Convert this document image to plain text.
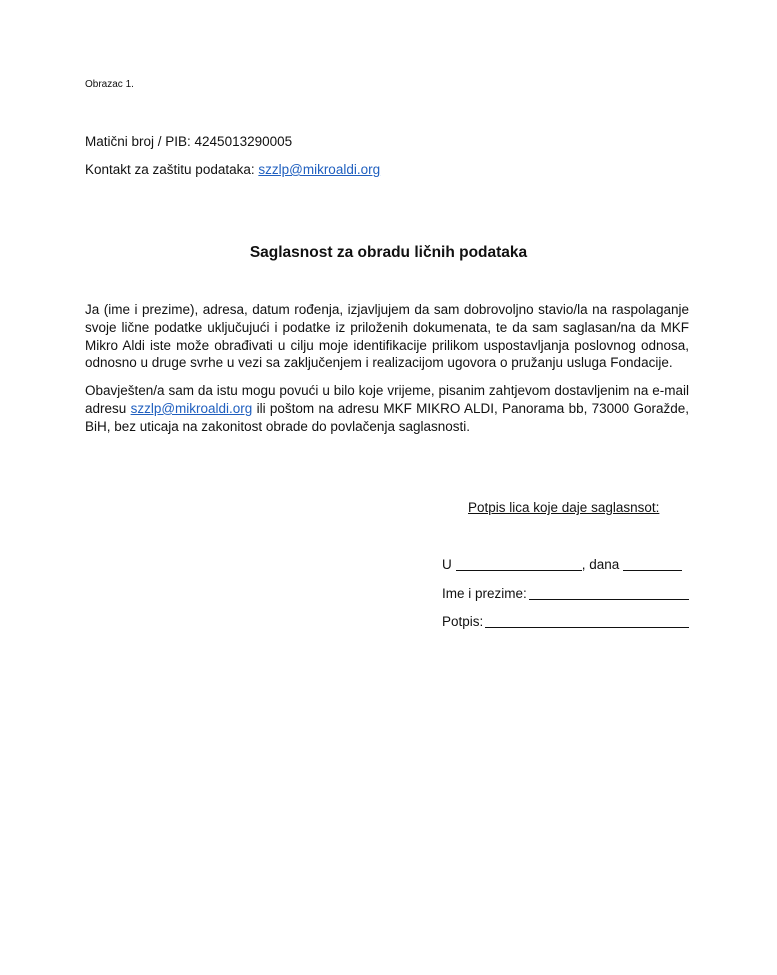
Obrazac 1.
Matični broj / PIB: 4245013290005
Kontakt za zaštitu podataka: szzlp@mikroaldi.org
Saglasnost za obradu ličnih podataka
Ja (ime i prezime), adresa, datum rođenja, izjavljujem da sam dobrovoljno stavio/la na raspolaganje svoje lične podatke uključujući i podatke iz priloženih dokumenata, te da sam saglasan/na da MKF Mikro Aldi iste može obrađivati u cilju moje identifikacije prilikom uspostavljanja poslovnog odnosa, odnosno u druge svrhe u vezi sa zaključenjem i realizacijom ugovora o pružanju usluga Fondacije.
Obavješten/a sam da istu mogu povući u bilo koje vrijeme, pisanim zahtjevom dostavljenim na e-mail adresu szzlp@mikroaldi.org ili poštom na adresu MKF MIKRO ALDI, Panorama bb, 73000 Goražde, BiH, bez uticaja na zakonitost obrade do povlačenja saglasnosti.
Potpis lica koje daje saglasnsot:
U	, dana
Ime i prezime:
Potpis:
